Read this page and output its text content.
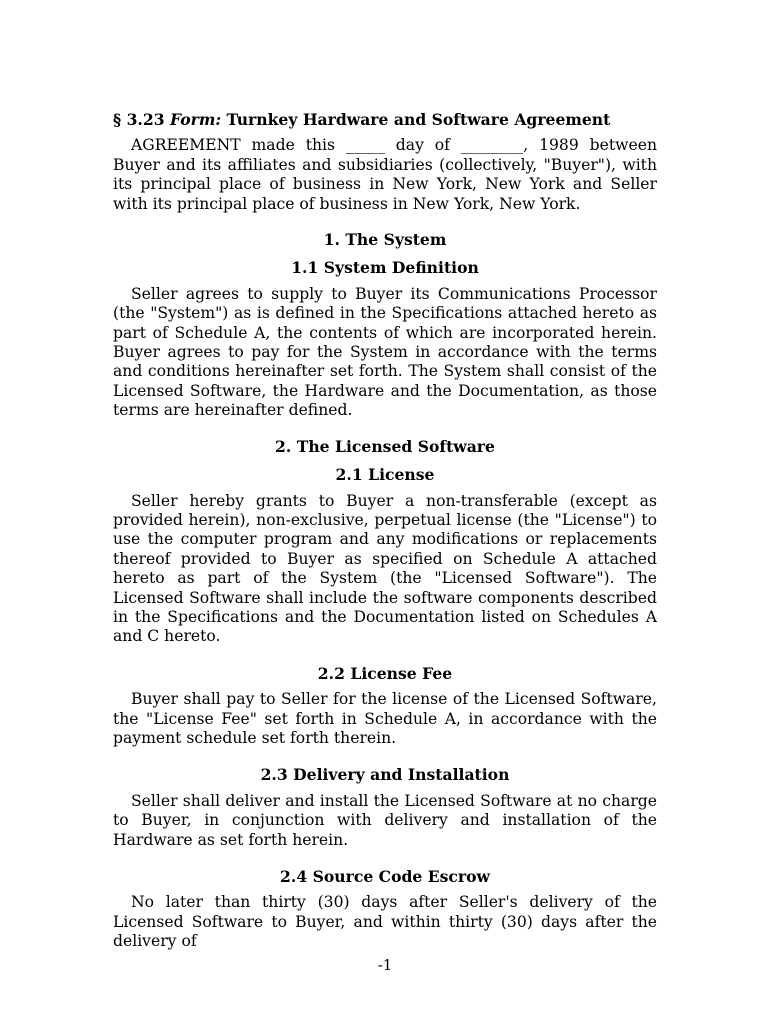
§ 3.23 Form: Turnkey Hardware and Software Agreement

AGREEMENT made this _____ day of ________, 1989 between Buyer and its affiliates and subsidiaries (collectively, "Buyer"), with its principal place of business in New York, New York and Seller with its principal place of business in New York, New York.

1. The System
1.1 System Definition

Seller agrees to supply to Buyer its Communications Processor (the "System") as is defined in the Specifications attached hereto as part of Schedule A, the contents of which are incorporated herein. Buyer agrees to pay for the System in accordance with the terms and conditions hereinafter set forth. The System shall consist of the Licensed Software, the Hardware and the Documentation, as those terms are hereinafter defined.

2. The Licensed Software
2.1 License

Seller hereby grants to Buyer a non-transferable (except as provided herein), non-exclusive, perpetual license (the "License") to use the computer program and any modifications or replacements thereof provided to Buyer as specified on Schedule A attached hereto as part of the System (the "Licensed Software"). The Licensed Software shall include the software components described in the Specifications and the Documentation listed on Schedules A and C hereto.

2.2 License Fee

Buyer shall pay to Seller for the license of the Licensed Software, the "License Fee" set forth in Schedule A, in accordance with the payment schedule set forth therein.

2.3 Delivery and Installation

Seller shall deliver and install the Licensed Software at no charge to Buyer, in conjunction with delivery and installation of the Hardware as set forth herein.

2.4 Source Code Escrow

No later than thirty (30) days after Seller's delivery of the Licensed Software to Buyer, and within thirty (30) days after the delivery of

-1
